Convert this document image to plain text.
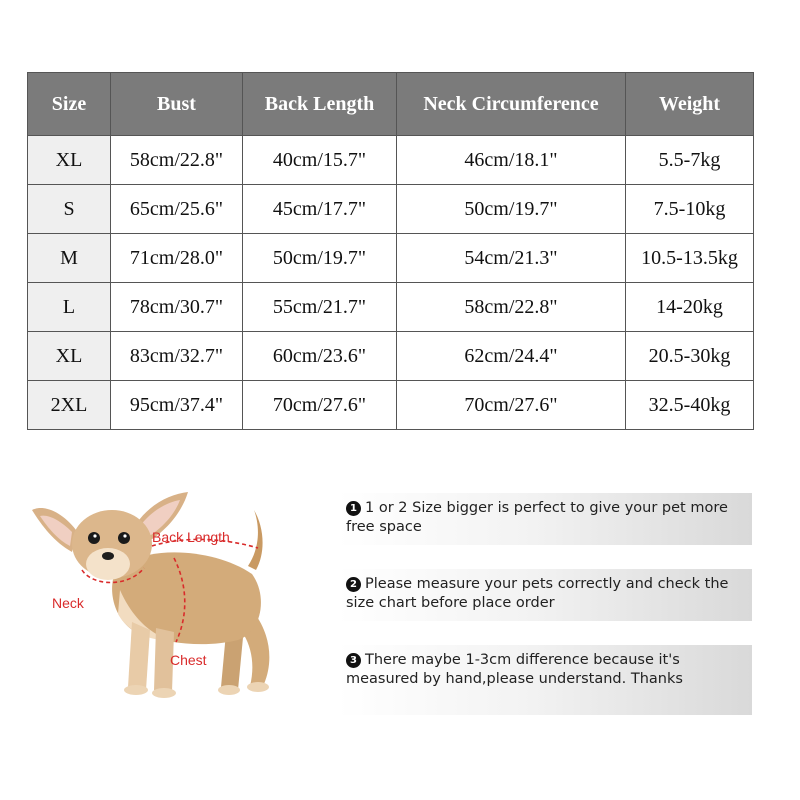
Size	Bust	Back Length	Neck Circumference	Weight
XL	58cm/22.8"	40cm/15.7"	46cm/18.1"	5.5-7kg
S	65cm/25.6"	45cm/17.7"	50cm/19.7"	7.5-10kg
M	71cm/28.0"	50cm/19.7"	54cm/21.3"	10.5-13.5kg
L	78cm/30.7"	55cm/21.7"	58cm/22.8"	14-20kg
XL	83cm/32.7"	60cm/23.6"	62cm/24.4"	20.5-30kg
2XL	95cm/37.4"	70cm/27.6"	70cm/27.6"	32.5-40kg
Back Length
Neck
Chest
1 1 or 2 Size bigger is perfect to give your pet more free space
2 Please measure your pets correctly and check the size chart before place order
3 There maybe 1-3cm difference because it's measured by hand,please understand. Thanks
